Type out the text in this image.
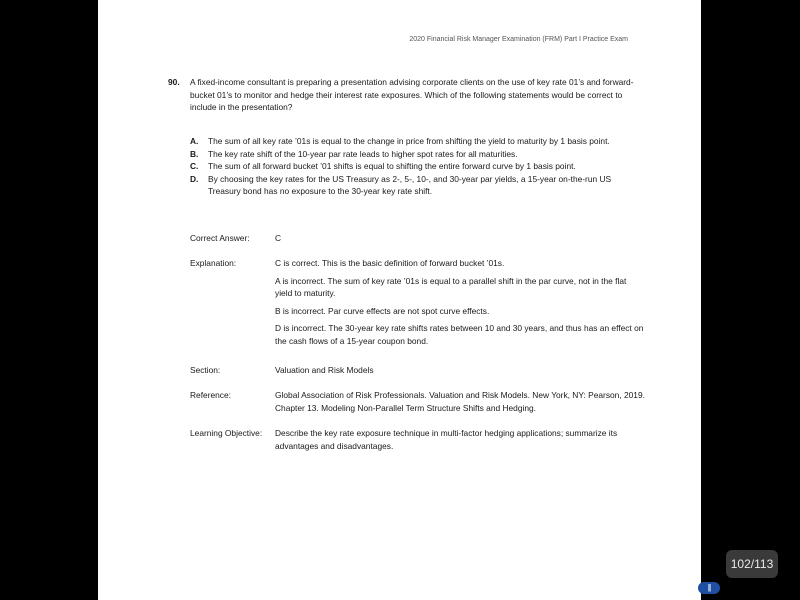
2020 Financial Risk Manager Examination (FRM) Part I Practice Exam
90. A fixed-income consultant is preparing a presentation advising corporate clients on the use of key rate 01’s and forward-bucket 01’s to monitor and hedge their interest rate exposures. Which of the following statements would be correct to include in the presentation?

A. The sum of all key rate ’01s is equal to the change in price from shifting the yield to maturity by 1 basis point.

B. The key rate shift of the 10-year par rate leads to higher spot rates for all maturities.

C. The sum of all forward bucket ’01 shifts is equal to shifting the entire forward curve by 1 basis point.

D. By choosing the key rates for the US Treasury as 2-, 5-, 10-, and 30-year par yields, a 15-year on-the-run US Treasury bond has no exposure to the 30-year key rate shift.

Correct Answer:	C
Explanation:	C is correct. This is the basic definition of forward bucket ’01s.

A is incorrect. The sum of key rate ’01s is equal to a parallel shift in the par curve, not in the flat yield to maturity.

B is incorrect. Par curve effects are not spot curve effects.

D is incorrect. The 30-year key rate shifts rates between 10 and 30 years, and thus has an effect on the cash flows of a 15-year coupon bond.

Section:	Valuation and Risk Models
Reference:	Global Association of Risk Professionals. Valuation and Risk Models. New York, NY: Pearson, 2019. Chapter 13. Modeling Non-Parallel Term Structure Shifts and Hedging.
Learning Objective: Describe the key rate exposure technique in multi-factor hedging applications; summarize its advantages and disadvantages.
102/113
|||
